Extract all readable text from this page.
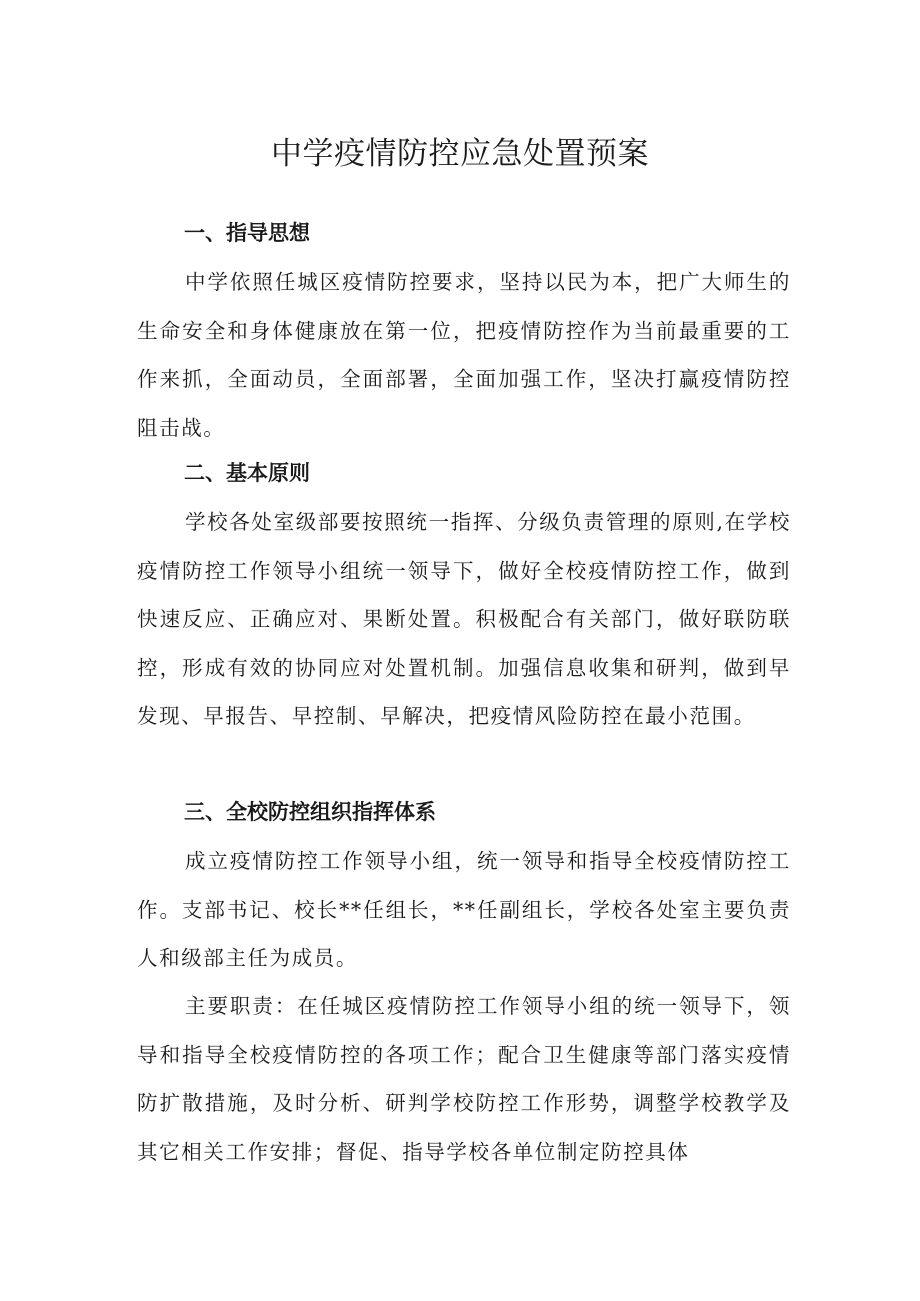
中学疫情防控应急处置预案
一、指导思想

中学依照任城区疫情防控要求，坚持以民为本，把广大师生的生命安全和身体健康放在第一位，把疫情防控作为当前最重要的工作来抓，全面动员，全面部署，全面加强工作，坚决打赢疫情防控阻击战。

二、基本原则

学校各处室级部要按照统一指挥、分级负责管理的原则,在学校疫情防控工作领导小组统一领导下，做好全校疫情防控工作，做到快速反应、正确应对、果断处置。积极配合有关部门，做好联防联控，形成有效的协同应对处置机制。加强信息收集和研判，做到早发现、早报告、早控制、早解决，把疫情风险防控在最小范围。

三、全校防控组织指挥体系

成立疫情防控工作领导小组，统一领导和指导全校疫情防控工作。支部书记、校长**任组长，**任副组长，学校各处室主要负责人和级部主任为成员。

主要职责：在任城区疫情防控工作领导小组的统一领导下，领导和指导全校疫情防控的各项工作；配合卫生健康等部门落实疫情防扩散措施，及时分析、研判学校防控工作形势，调整学校教学及其它相关工作安排；督促、指导学校各单位制定防控具体
